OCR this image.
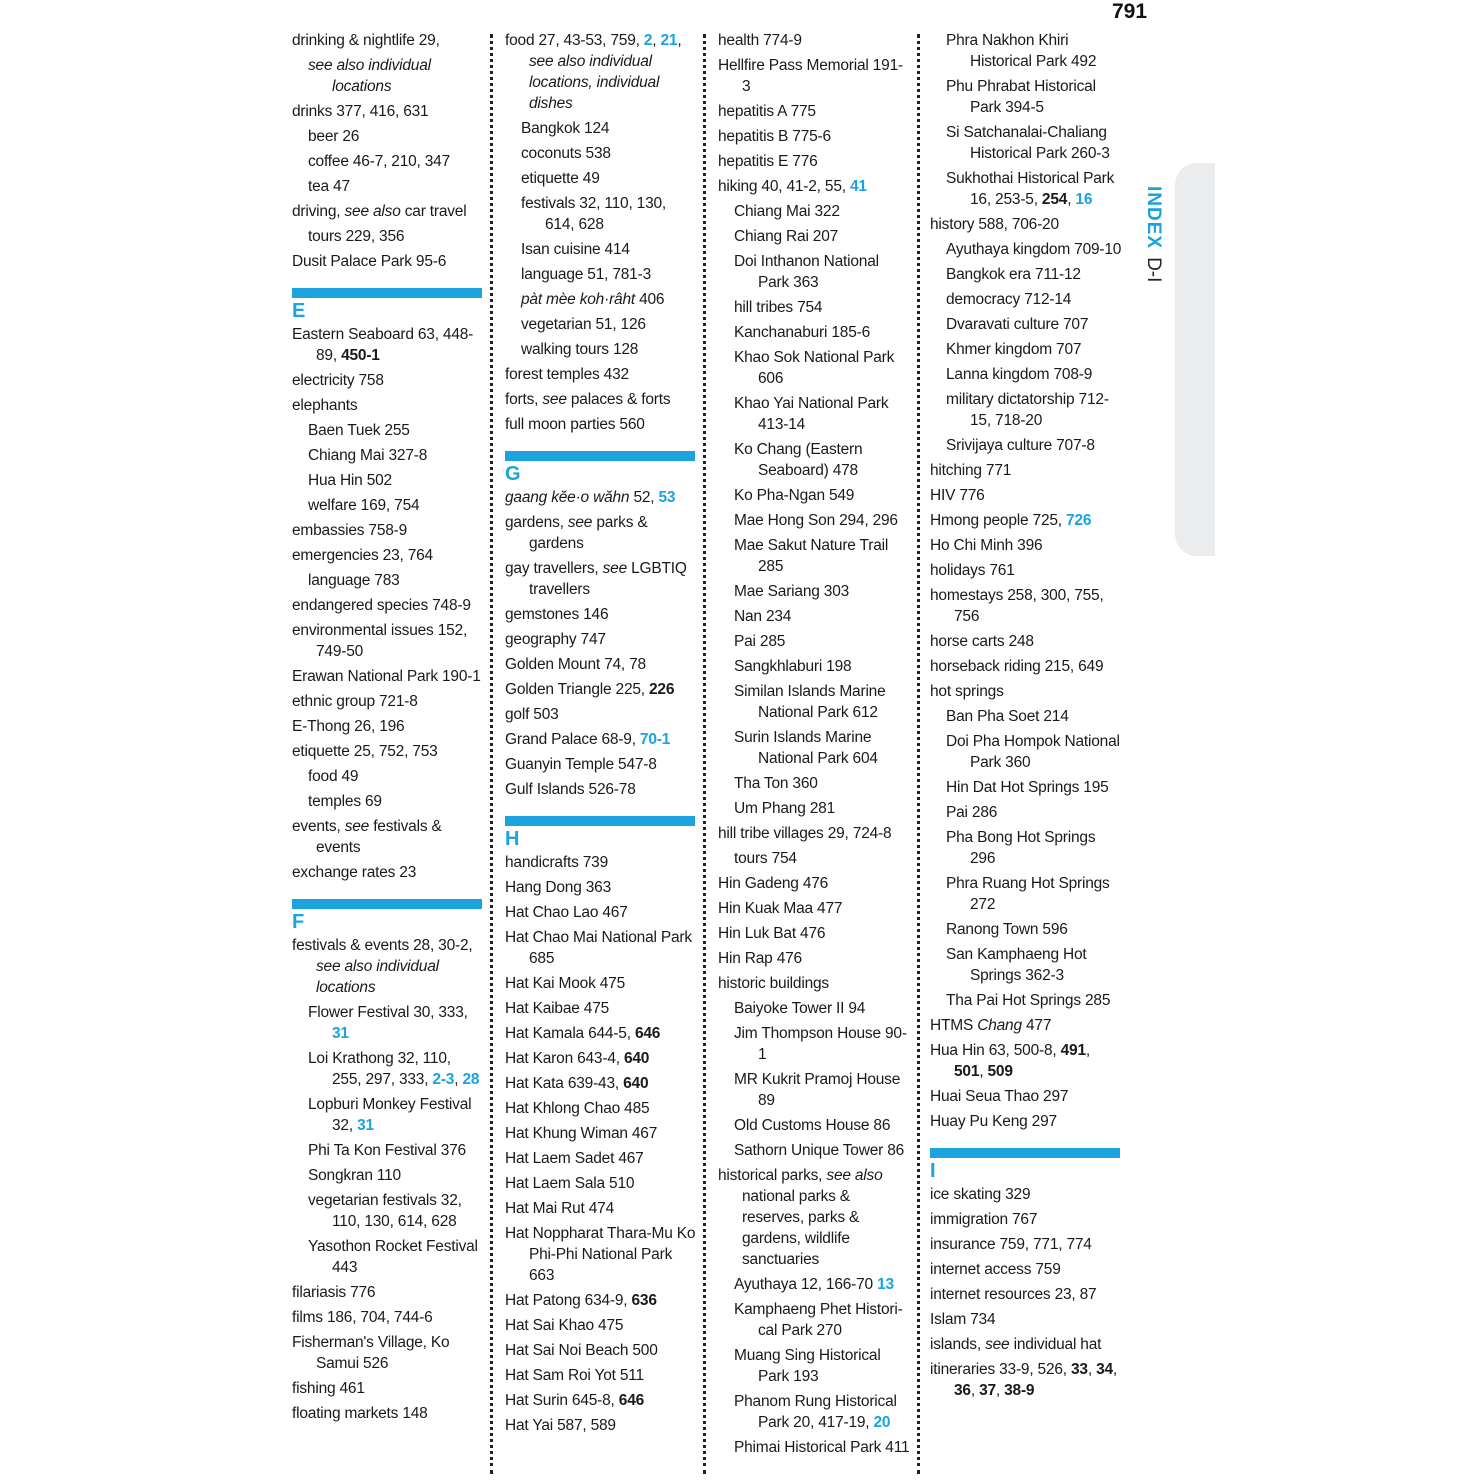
791
INDEXD-I
drinking & nightlife 29,
see also individual locations
drinks 377, 416, 631
beer 26
coffee 46-7, 210, 347
tea 47
driving, see also car travel
tours 229, 356
Dusit Palace Park 95-6
E
Eastern Seaboard 63, 448-89, 450-1
electricity 758
elephants
Baen Tuek 255
Chiang Mai 327-8
Hua Hin 502
welfare 169, 754
embassies 758-9
emergencies 23, 764
language 783
endangered species 748-9
environmental issues 152, 749-50
Erawan National Park 190-1
ethnic group 721-8
E-Thong 26, 196
etiquette 25, 752, 753
food 49
temples 69
events, see festivals & events
exchange rates 23
F
festivals & events 28, 30-2, see also individual locations
Flower Festival 30, 333, 31
Loi Krathong 32, 110, 255, 297, 333, 2-3, 28
Lopburi Monkey Festival 32, 31
Phi Ta Kon Festival 376
Songkran 110
vegetarian festivals 32, 110, 130, 614, 628
Yasothon Rocket Festival 443
filariasis 776
films 186, 704, 744-6
Fisherman's Village, Ko Samui 526
fishing 461
floating markets 148
food 27, 43-53, 759, 2, 21, see also individual locations, individual dishes
Bangkok 124
coconuts 538
etiquette 49
festivals 32, 110, 130, 614, 628
Isan cuisine 414
language 51, 781-3
pàt mèe koh·râht 406
vegetarian 51, 126
walking tours 128
forest temples 432
forts, see palaces & forts
full moon parties 560
G
gaang kĕe·o wăhn 52, 53
gardens, see parks & gardens
gay travellers, see LGBTIQ travellers
gemstones 146
geography 747
Golden Mount 74, 78
Golden Triangle 225, 226
golf 503
Grand Palace 68-9, 70-1
Guanyin Temple 547-8
Gulf Islands 526-78
H
handicrafts 739
Hang Dong 363
Hat Chao Lao 467
Hat Chao Mai National Park 685
Hat Kai Mook 475
Hat Kaibae 475
Hat Kamala 644-5, 646
Hat Karon 643-4, 640
Hat Kata 639-43, 640
Hat Khlong Chao 485
Hat Khung Wiman 467
Hat Laem Sadet 467
Hat Laem Sala 510
Hat Mai Rut 474
Hat Noppharat Thara-Mu Ko Phi-Phi National Park 663
Hat Patong 634-9, 636
Hat Sai Khao 475
Hat Sai Noi Beach 500
Hat Sam Roi Yot 511
Hat Surin 645-8, 646
Hat Yai 587, 589
health 774-9
Hellfire Pass Memorial 191-3
hepatitis A 775
hepatitis B 775-6
hepatitis E 776
hiking 40, 41-2, 55, 41
Chiang Mai 322
Chiang Rai 207
Doi Inthanon National Park 363
hill tribes 754
Kanchanaburi 185-6
Khao Sok National Park 606
Khao Yai National Park 413-14
Ko Chang (Eastern Seaboard) 478
Ko Pha-Ngan 549
Mae Hong Son 294, 296
Mae Sakut Nature Trail 285
Mae Sariang 303
Nan 234
Pai 285
Sangkhlaburi 198
Similan Islands Marine National Park 612
Surin Islands Marine National Park 604
Tha Ton 360
Um Phang 281
hill tribe villages 29, 724-8
tours 754
Hin Gadeng 476
Hin Kuak Maa 477
Hin Luk Bat 476
Hin Rap 476
historic buildings
Baiyoke Tower II 94
Jim Thompson House 90-1
MR Kukrit Pramoj House 89
Old Customs House 86
Sathorn Unique Tower 86
historical parks, see also national parks & reserves, parks & gardens, wildlife sanctuaries
Ayuthaya 12, 166-70 13
Kamphaeng Phet Histori-cal Park 270
Muang Sing Historical Park 193
Phanom Rung Historical Park 20, 417-19, 20
Phimai Historical Park 411
Phra Nakhon Khiri Historical Park 492
Phu Phrabat Historical Park 394-5
Si Satchanalai-Chaliang Historical Park 260-3
Sukhothai Historical Park 16, 253-5, 254, 16
history 588, 706-20
Ayuthaya kingdom 709-10
Bangkok era 711-12
democracy 712-14
Dvaravati culture 707
Khmer kingdom 707
Lanna kingdom 708-9
military dictatorship 712-15, 718-20
Srivijaya culture 707-8
hitching 771
HIV 776
Hmong people 725, 726
Ho Chi Minh 396
holidays 761
homestays 258, 300, 755, 756
horse carts 248
horseback riding 215, 649
hot springs
Ban Pha Soet 214
Doi Pha Hompok National Park 360
Hin Dat Hot Springs 195
Pai 286
Pha Bong Hot Springs 296
Phra Ruang Hot Springs 272
Ranong Town 596
San Kamphaeng Hot Springs 362-3
Tha Pai Hot Springs 285
HTMS Chang 477
Hua Hin 63, 500-8, 491, 501, 509
Huai Seua Thao 297
Huay Pu Keng 297
I
ice skating 329
immigration 767
insurance 759, 771, 774
internet access 759
internet resources 23, 87
Islam 734
islands, see individual hat
itineraries 33-9, 526, 33, 34, 36, 37, 38-9
